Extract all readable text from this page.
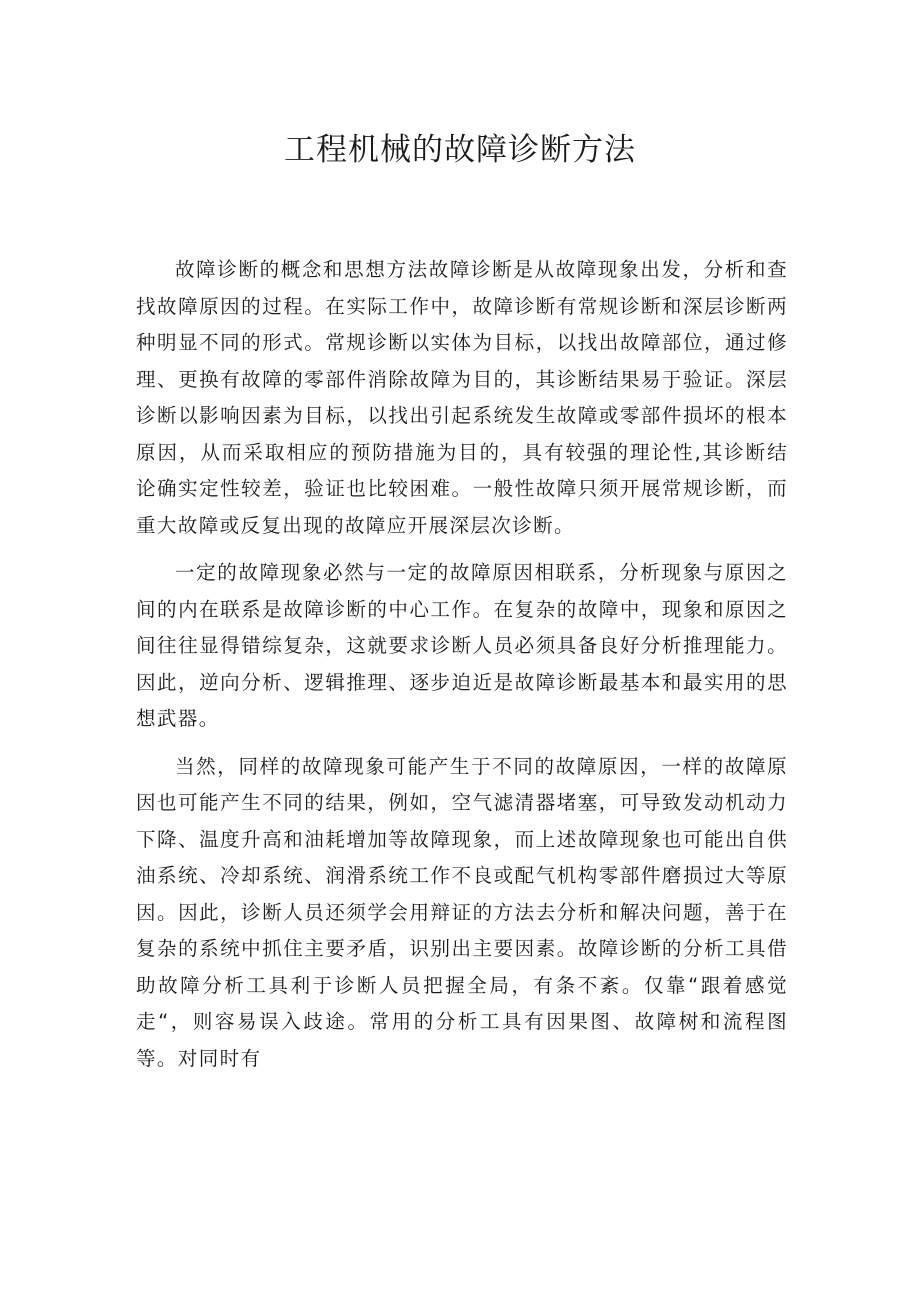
工程机械的故障诊断方法

故障诊断的概念和思想方法故障诊断是从故障现象出发，分析和查找故障原因的过程。在实际工作中，故障诊断有常规诊断和深层诊断两种明显不同的形式。常规诊断以实体为目标，以找出故障部位，通过修理、更换有故障的零部件消除故障为目的，其诊断结果易于验证。深层诊断以影响因素为目标，以找出引起系统发生故障或零部件损坏的根本原因，从而采取相应的预防措施为目的，具有较强的理论性,其诊断结论确实定性较差，验证也比较困难。一般性故障只须开展常规诊断，而重大故障或反复出现的故障应开展深层次诊断。

一定的故障现象必然与一定的故障原因相联系，分析现象与原因之间的内在联系是故障诊断的中心工作。在复杂的故障中，现象和原因之间往往显得错综复杂，这就要求诊断人员必须具备良好分析推理能力。因此，逆向分析、逻辑推理、逐步迫近是故障诊断最基本和最实用的思想武器。

当然，同样的故障现象可能产生于不同的故障原因，一样的故障原因也可能产生不同的结果，例如，空气滤清器堵塞，可导致发动机动力下降、温度升高和油耗增加等故障现象，而上述故障现象也可能出自供油系统、冷却系统、润滑系统工作不良或配气机构零部件磨损过大等原因。因此，诊断人员还须学会用辩证的方法去分析和解决问题，善于在复杂的系统中抓住主要矛盾，识别出主要因素。故障诊断的分析工具借助故障分析工具利于诊断人员把握全局，有条不紊。仅靠“跟着感觉走“，则容易误入歧途。常用的分析工具有因果图、故障树和流程图等。对同时有
